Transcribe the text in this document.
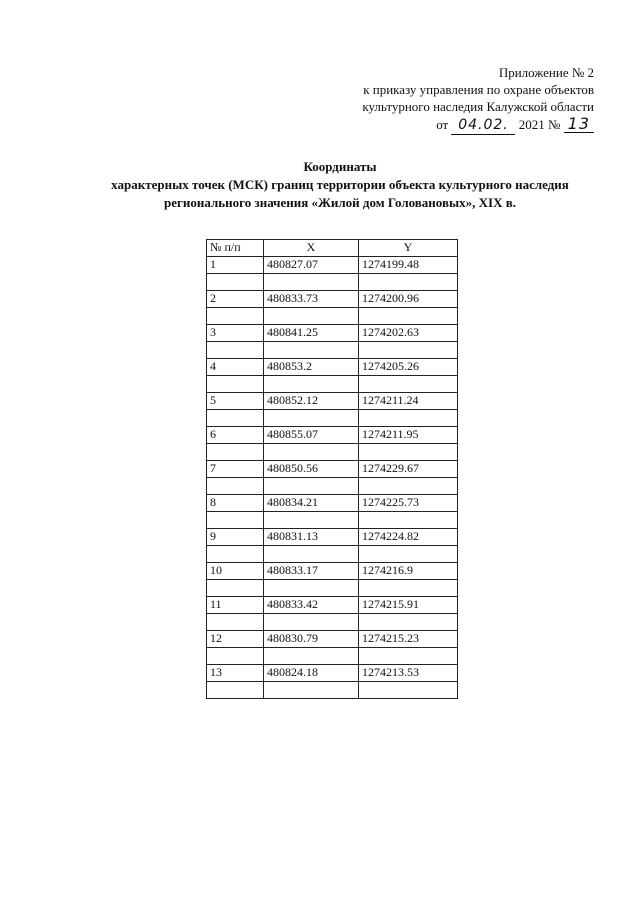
Приложение № 2
к приказу управления по охране объектов
культурного наследия Калужской области
от 04.02. 2021 № 13
Координаты
характерных точек (МСК) границ территории объекта культурного наследия
регионального значения «Жилой дом Головановых», XIX в.
№ п/п	X	Y
1	480827.07	1274199.48

2	480833.73	1274200.96

3	480841.25	1274202.63

4	480853.2	1274205.26

5	480852.12	1274211.24

6	480855.07	1274211.95

7	480850.56	1274229.67

8	480834.21	1274225.73

9	480831.13	1274224.82

10	480833.17	1274216.9

11	480833.42	1274215.91

12	480830.79	1274215.23

13	480824.18	1274213.53
